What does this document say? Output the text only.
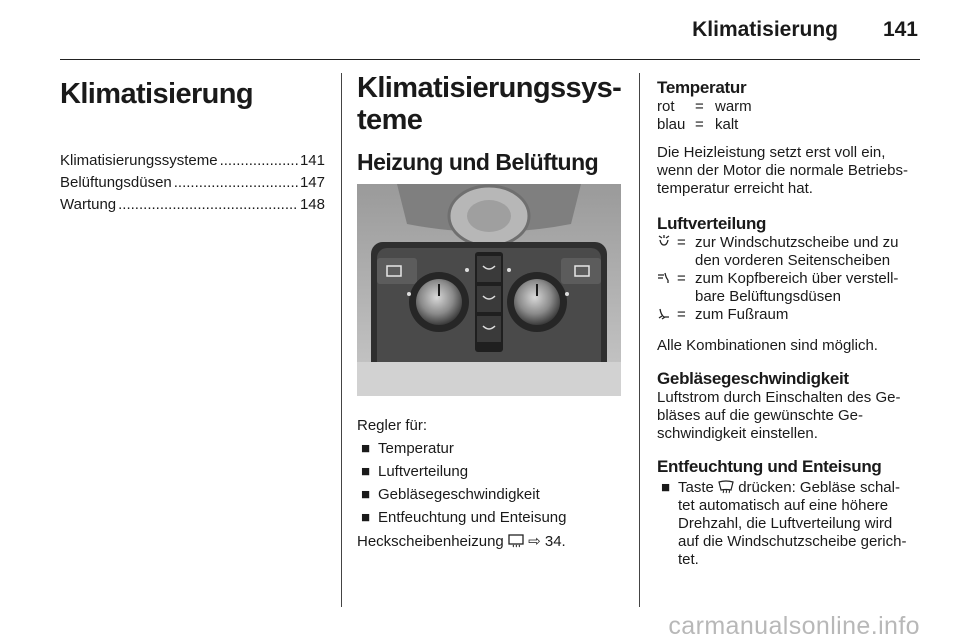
Klimatisierung 141
Klimatisierung
Klimatisierungssysteme .....	141
Belüftungsdüsen .....	147
Wartung .....	148
Klimatisierungssys-
teme
Heizung und Belüftung

Regler für:

■ Temperatur
■ Luftverteilung
■ Gebläsegeschwindigkeit
■ Entfeuchtung und Enteisung

Heckscheibenheizung ⇨ 34.

Temperatur
rot	= warm
blau = kalt

Die Heizleistung setzt erst voll ein,
wenn der Motor die normale Betriebs-
temperatur erreicht hat.

Luftverteilung
= zur Windschutzscheibe und zu
den vorderen Seitenscheiben
= zum Kopfbereich über verstell-
bare Belüftungsdüsen
= zum Fußraum

Alle Kombinationen sind möglich.

Gebläsegeschwindigkeit

Luftstrom durch Einschalten des Ge-
bläses auf die gewünschte Ge-
schwindigkeit einstellen.

Entfeuchtung und Enteisung
■ Taste drücken: Gebläse schal-
tet automatisch auf eine höhere
Drehzahl, die Luftverteilung wird
auf die Windschutzscheibe gerich-
tet.
carmanualsonline.info
